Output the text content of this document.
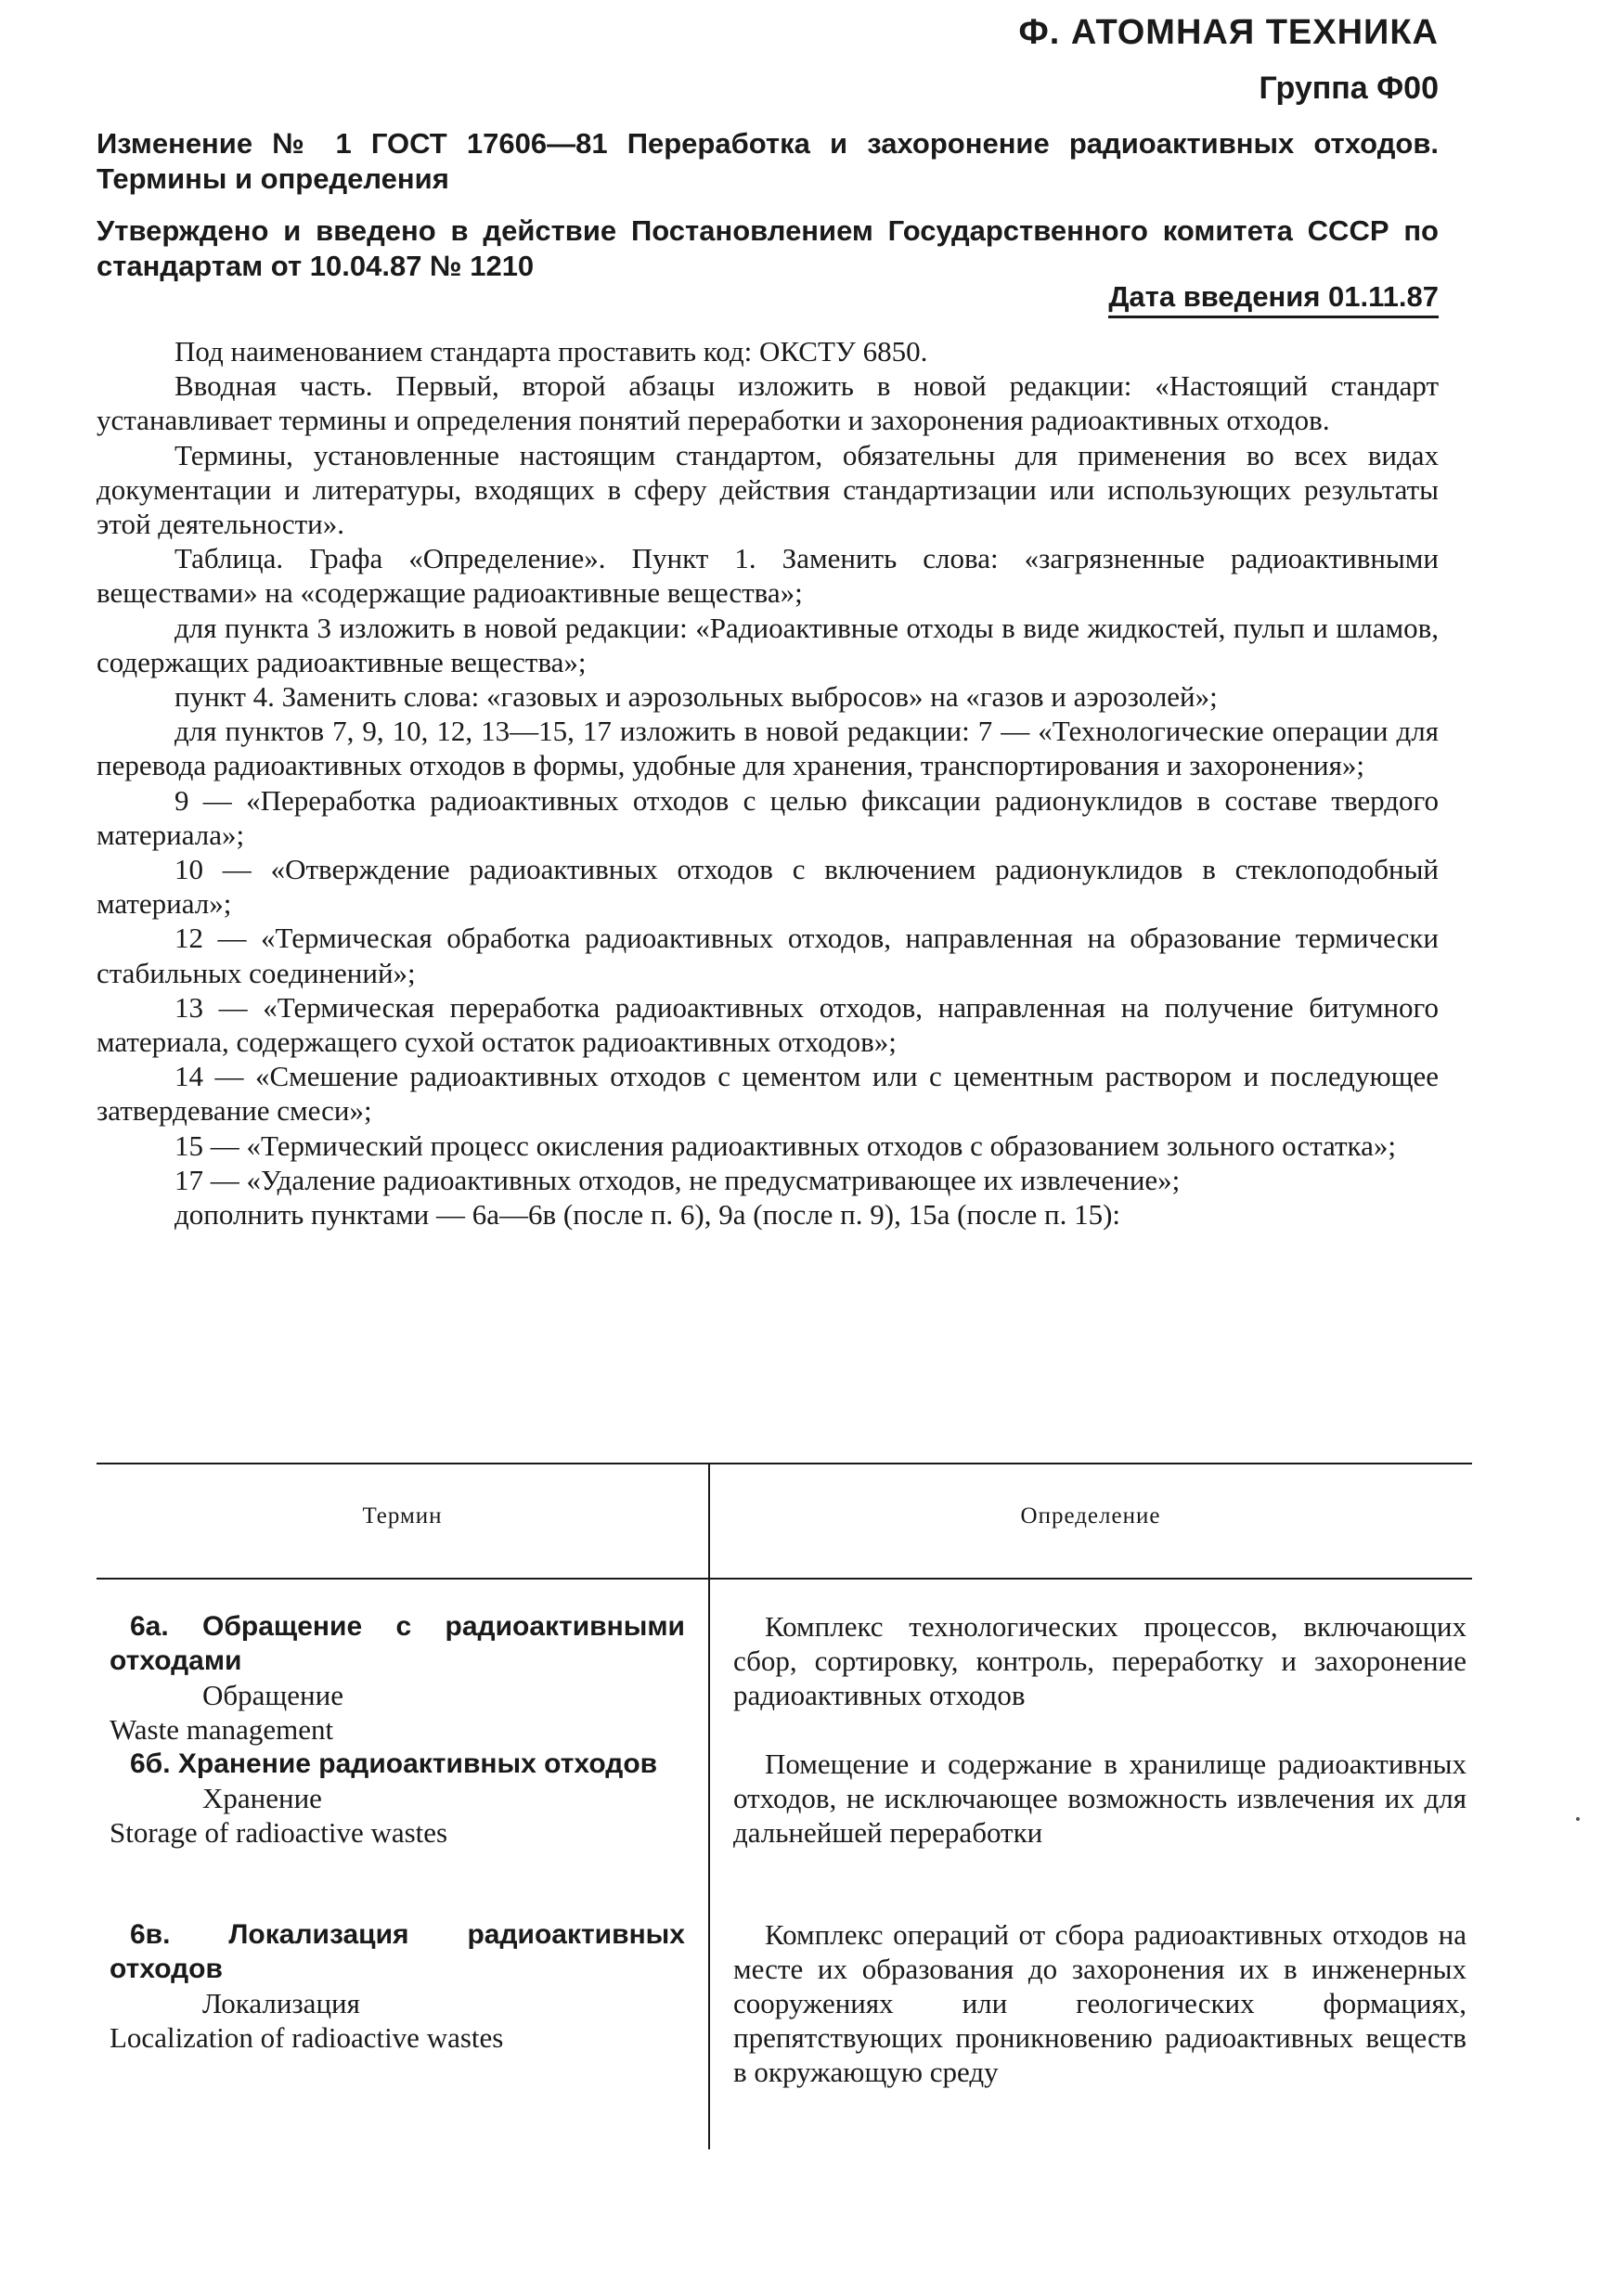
Ф. АТОМНАЯ ТЕХНИКА
Группа Ф00
Изменение № 1 ГОСТ 17606—81 Переработка и захоронение радиоактивных отходов. Термины и определения
Утверждено и введено в действие Постановлением Государственного комитета СССР по стандартам от 10.04.87 № 1210
Дата введения 01.11.87

Под наименованием стандарта проставить код: ОКСТУ 6850.

Вводная часть. Первый, второй абзацы изложить в новой редакции: «Настоящий стандарт устанавливает термины и определения понятий переработки и захоронения радиоактивных отходов.

Термины, установленные настоящим стандартом, обязательны для применения во всех видах документации и литературы, входящих в сферу действия стандартизации или использующих результаты этой деятельности».

Таблица. Графа «Определение». Пункт 1. Заменить слова: «загрязненные радиоактивными веществами» на «содержащие радиоактивные вещества»;

для пункта 3 изложить в новой редакции: «Радиоактивные отходы в виде жидкостей, пульп и шламов, содержащих радиоактивные вещества»;

пункт 4. Заменить слова: «газовых и аэрозольных выбросов» на «газов и аэрозолей»;

для пунктов 7, 9, 10, 12, 13—15, 17 изложить в новой редакции: 7 — «Технологические операции для перевода радиоактивных отходов в формы, удобные для хранения, транспортирования и захоронения»;

9 — «Переработка радиоактивных отходов с целью фиксации радионуклидов в составе твердого материала»;

10 — «Отверждение радиоактивных отходов с включением радионуклидов в стеклоподобный материал»;

12 — «Термическая обработка радиоактивных отходов, направленная на образование термически стабильных соединений»;

13 — «Термическая переработка радиоактивных отходов, направленная на получение битумного материала, содержащего сухой остаток радиоактивных отходов»;

14 — «Смешение радиоактивных отходов с цементом или с цементным раствором и последующее затвердевание смеси»;

15 — «Термический процесс окисления радиоактивных отходов с образованием зольного остатка»;

17 — «Удаление радиоактивных отходов, не предусматривающее их извлечение»;

дополнить пунктами — 6а—6в (после п. 6), 9а (после п. 9), 15а (после п. 15):

Термин	Определение
6а. Обращение с радиоактивными отходами
Обращение
Waste management
Комплекс технологических процессов, включающих сбор, сортировку, контроль, переработку и захоронение радиоактивных отходов
6б. Хранение радиоактивных отходов
Хранение
Storage of radioactive wastes
Помещение и содержание в хранилище радиоактивных отходов, не исключающее возможность извлечения их для дальнейшей переработки
6в. Локализация радиоактивных отходов
Локализация
Localization of radioactive wastes
Комплекс операций от сбора радиоактивных отходов на месте их образования до захоронения их в инженерных сооружениях или геологических формациях, препятствующих проникновению радиоактивных веществ в окружающую среду
